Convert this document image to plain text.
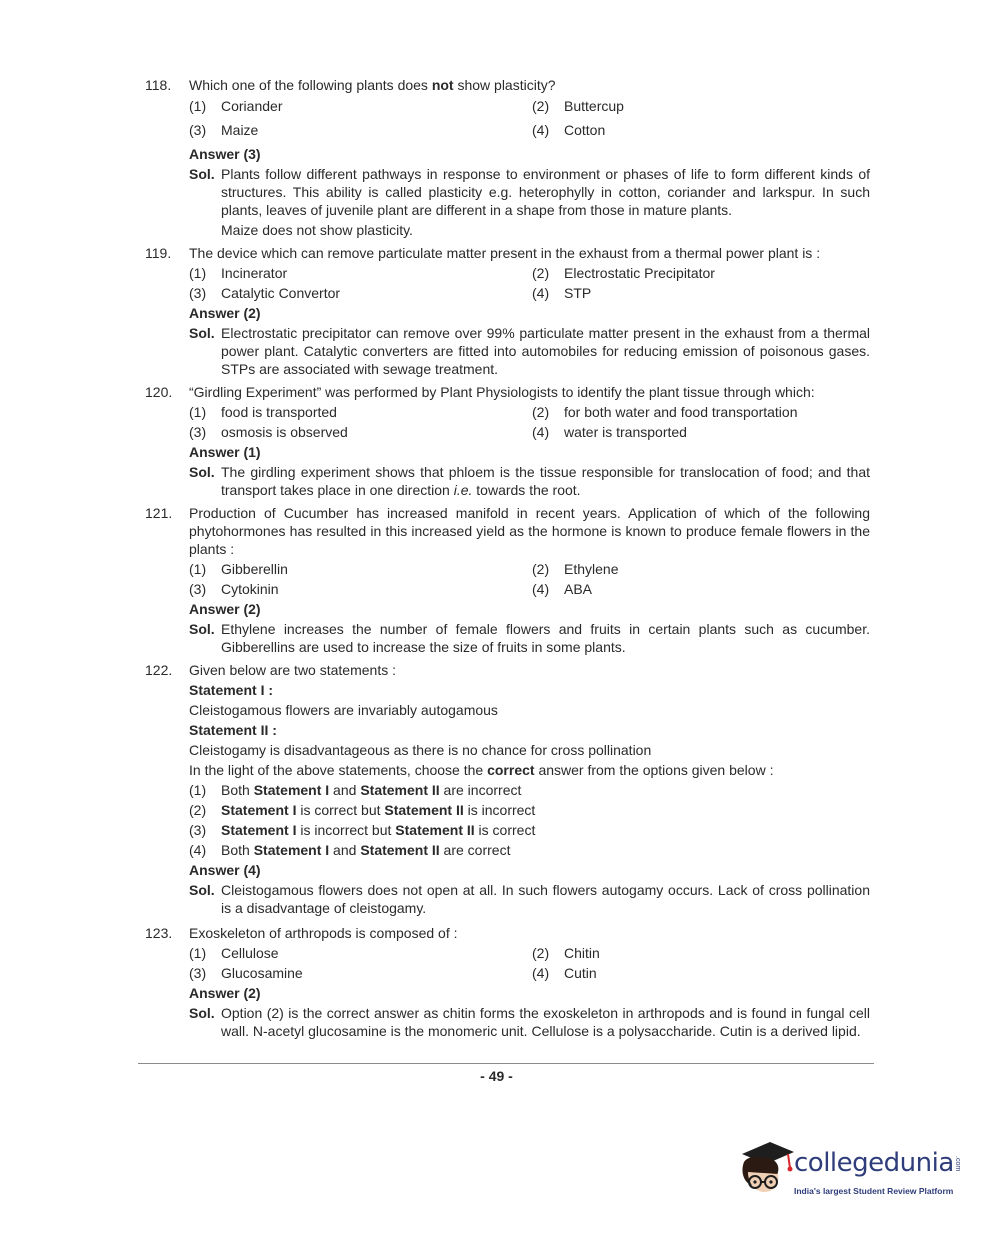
118. Which one of the following plants does not show plasticity?
(1) Coriander	(2) Buttercup
(3) Maize	(4) Cotton
Answer (3)
Sol. Plants follow different pathways in response to environment or phases of life to form different kinds of structures. This ability is called plasticity e.g. heterophylly in cotton, coriander and larkspur. In such plants, leaves of juvenile plant are different in a shape from those in mature plants.
Maize does not show plasticity.
119. The device which can remove particulate matter present in the exhaust from a thermal power plant is :
(1) Incinerator	(2) Electrostatic Precipitator
(3) Catalytic Convertor	(4) STP
Answer (2)
Sol. Electrostatic precipitator can remove over 99% particulate matter present in the exhaust from a thermal power plant. Catalytic converters are fitted into automobiles for reducing emission of poisonous gases. STPs are associated with sewage treatment.
120. “Girdling Experiment” was performed by Plant Physiologists to identify the plant tissue through which:
(1) food is transported	(2) for both water and food transportation
(3) osmosis is observed	(4) water is transported
Answer (1)
Sol. The girdling experiment shows that phloem is the tissue responsible for translocation of food; and that transport takes place in one direction i.e. towards the root.
121. Production of Cucumber has increased manifold in recent years. Application of which of the following phytohormones has resulted in this increased yield as the hormone is known to produce female flowers in the plants :
(1) Gibberellin	(2) Ethylene
(3) Cytokinin	(4) ABA
Answer (2)
Sol. Ethylene increases the number of female flowers and fruits in certain plants such as cucumber. Gibberellins are used to increase the size of fruits in some plants.
122. Given below are two statements :
Statement I :
Cleistogamous flowers are invariably autogamous
Statement II :
Cleistogamy is disadvantageous as there is no chance for cross pollination
In the light of the above statements, choose the correct answer from the options given below :
(1) Both Statement I and Statement II are incorrect
(2) Statement I is correct but Statement II is incorrect
(3) Statement I is incorrect but Statement II is correct
(4) Both Statement I and Statement II are correct
Answer (4)
Sol. Cleistogamous flowers does not open at all. In such flowers autogamy occurs. Lack of cross pollination is a disadvantage of cleistogamy.
123. Exoskeleton of arthropods is composed of :
(1) Cellulose	(2) Chitin
(3) Glucosamine	(4) Cutin
Answer (2)
Sol. Option (2) is the correct answer as chitin forms the exoskeleton in arthropods and is found in fungal cell wall. N-acetyl glucosamine is the monomeric unit. Cellulose is a polysaccharide. Cutin is a derived lipid.
- 49 -
collegedunia .com
India's largest Student Review Platform
